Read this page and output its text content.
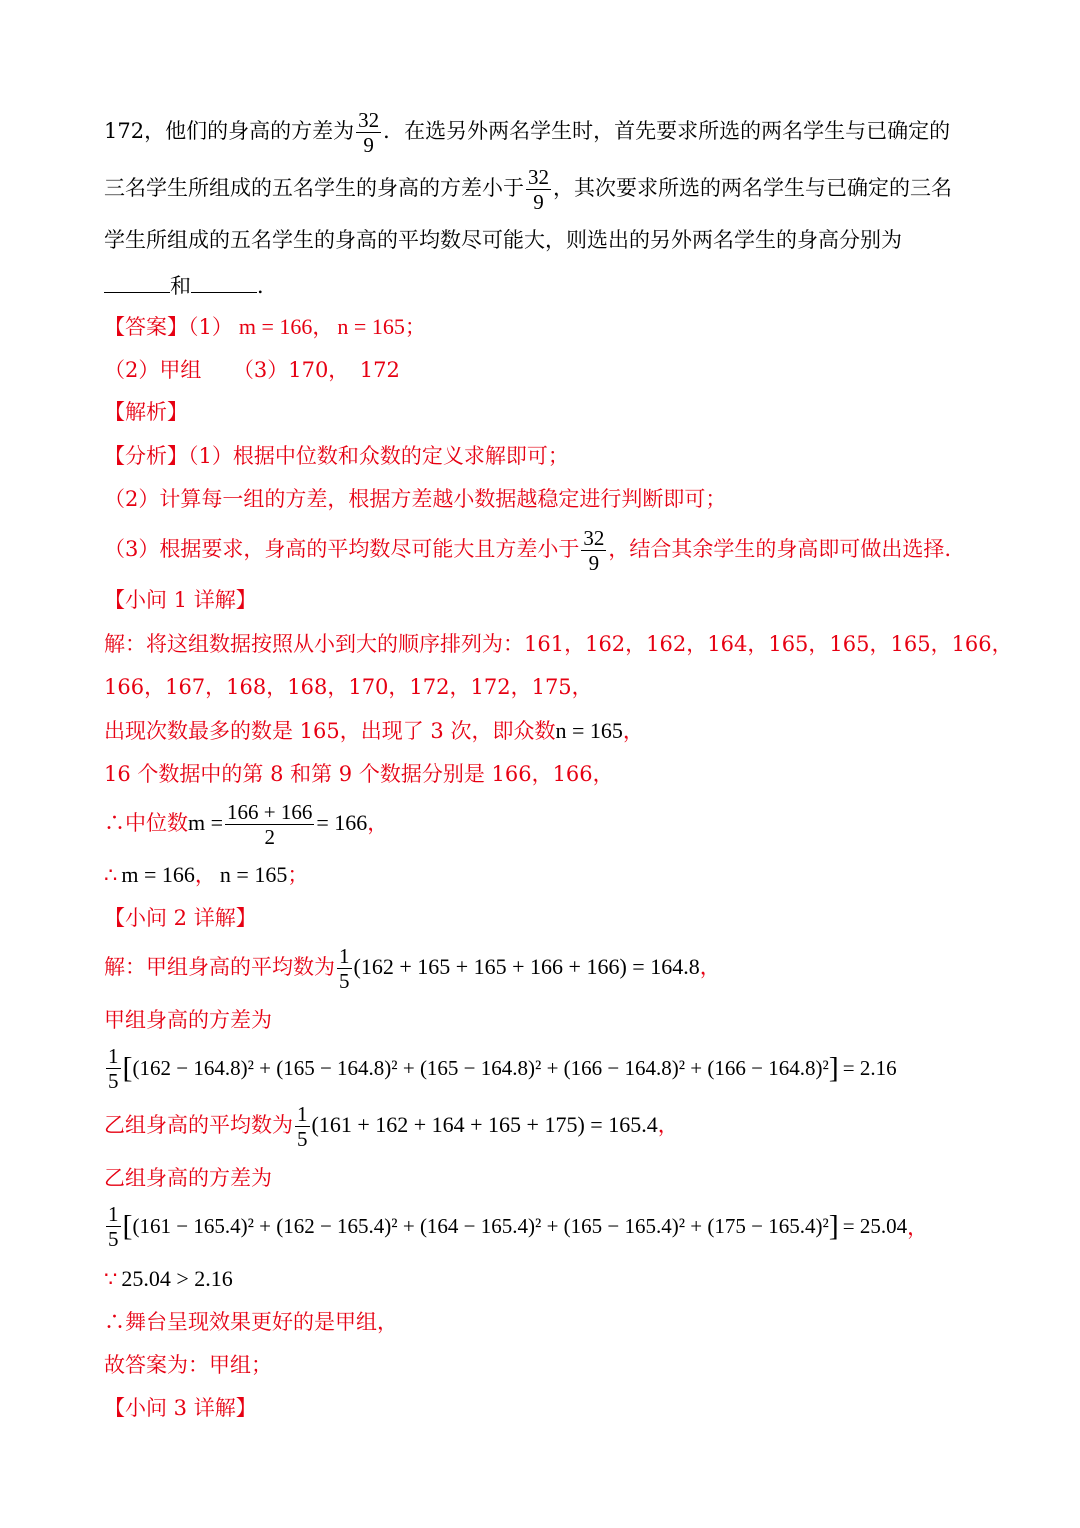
172，他们的身高的方差为 $\frac{32}{9}$ ．在选另外两名学生时，首先要求所选的两名学生与已确定的
三名学生所组成的五名学生的身高的方差小于 $\frac{32}{9}$ ，其次要求所选的两名学生与已确定的三名
学生所组成的五名学生的身高的平均数尽可能大，则选出的另外两名学生的身高分别为
和	．
【答案】（1） m = 166， n = 165；
（2）甲组　　（3）170，　172
【解析】
【分析】（1）根据中位数和众数的定义求解即可；
（2）计算每一组的方差，根据方差越小数据越稳定进行判断即可；
（3）根据要求，身高的平均数尽可能大且方差小于 $\frac{32}{9}$ ，结合其余学生的身高即可做出选择.
【小问 1 详解】
解：将这组数据按照从小到大的顺序排列为：161，162，162，164，165，165，165，166，
166，167，168，168，170，172，172，175，
出现次数最多的数是 165，出现了 3 次，即众数n = 165，
16 个数据中的第 8 和第 9 个数据分别是 166，166，
∴中位数$m = \frac{166 + 166}{2} = 166$，
∴ m = 166， n = 165；
【小问 2 详解】
解：甲组身高的平均数为 $\frac{1}{5} (162 + 165 + 165 + 166 + 166) = 164.8$，
甲组身高的方差为
$\frac{1}{5} [(162 - 164.8)^2 + (165 - 164.8)^2 + (165 - 164.8)^2 + (166 - 164.8)^2 + (166 - 164.8)^2] = 2.16$
乙组身高的平均数为 $\frac{1}{5} (161 + 162 + 164 + 165 + 175) = 165.4$，
乙组身高的方差为
$\frac{1}{5} [(161 - 165.4)^2 + (162 - 165.4)^2 + (164 - 165.4)^2 + (165 - 165.4)^2 + (175 - 165.4)^2] = 25.04$，
∵ 25.04 > 2.16
∴舞台呈现效果更好的是甲组，
故答案为：甲组；
【小问 3 详解】
